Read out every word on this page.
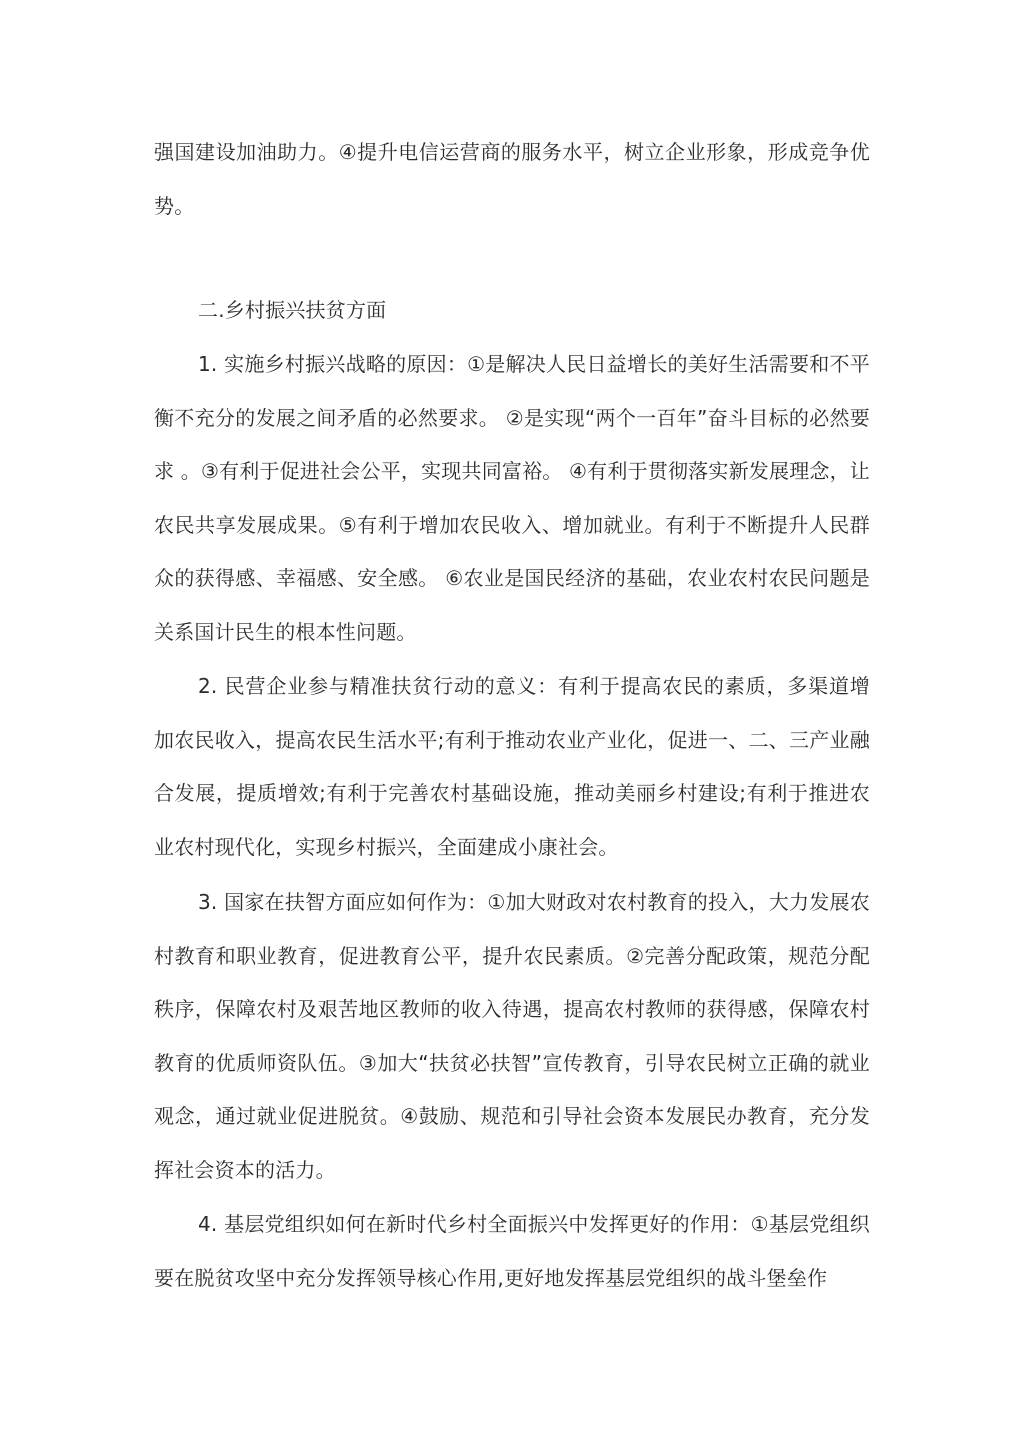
强国建设加油助力。④提升电信运营商的服务水平，树立企业形象，形成竞争优势。

二.乡村振兴扶贫方面

1. 实施乡村振兴战略的原因：①是解决人民日益增长的美好生活需要和不平衡不充分的发展之间矛盾的必然要求。 ②是实现“两个一百年”奋斗目标的必然要求 。③有利于促进社会公平，实现共同富裕。 ④有利于贯彻落实新发展理念，让农民共享发展成果。⑤有利于增加农民收入、增加就业。有利于不断提升人民群众的获得感、幸福感、安全感。 ⑥农业是国民经济的基础，农业农村农民问题是关系国计民生的根本性问题。

2. 民营企业参与精准扶贫行动的意义：有利于提高农民的素质，多渠道增加农民收入，提高农民生活水平;有利于推动农业产业化，促进一、二、三产业融合发展，提质增效;有利于完善农村基础设施，推动美丽乡村建设;有利于推进农业农村现代化，实现乡村振兴，全面建成小康社会。

3. 国家在扶智方面应如何作为：①加大财政对农村教育的投入，大力发展农村教育和职业教育，促进教育公平，提升农民素质。②完善分配政策，规范分配秩序，保障农村及艰苦地区教师的收入待遇，提高农村教师的获得感，保障农村教育的优质师资队伍。③加大“扶贫必扶智”宣传教育，引导农民树立正确的就业观念，通过就业促进脱贫。④鼓励、规范和引导社会资本发展民办教育，充分发挥社会资本的活力。

4. 基层党组织如何在新时代乡村全面振兴中发挥更好的作用：①基层党组织要在脱贫攻坚中充分发挥领导核心作用,更好地发挥基层党组织的战斗堡垒作
